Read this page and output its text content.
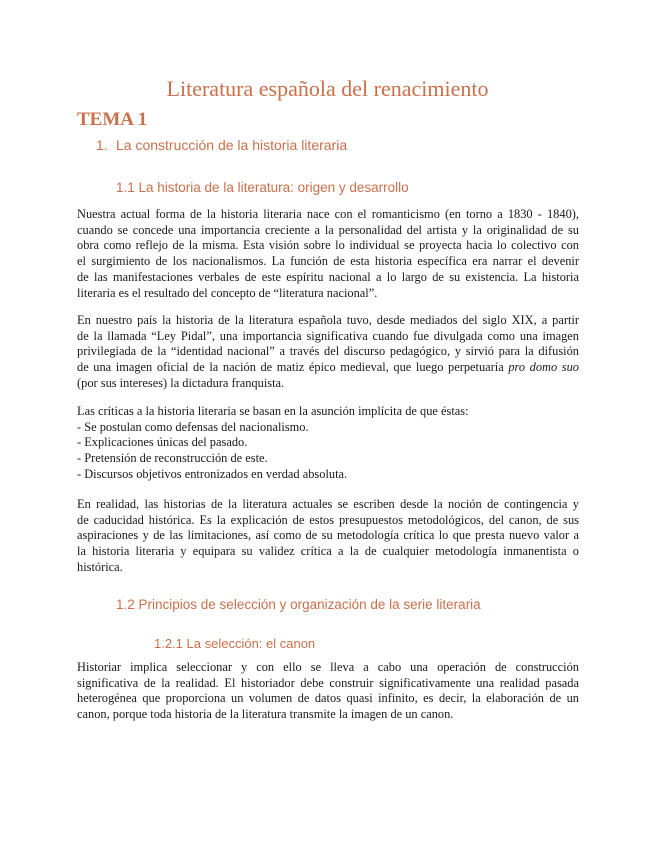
Literatura española del renacimiento
TEMA 1
1. La construcción de la historia literaria
1.1 La historia de la literatura: origen y desarrollo
Nuestra actual forma de la historia literaria nace con el romanticismo (en torno a 1830 - 1840),
cuando se concede una importancia creciente a la personalidad del artista y la originalidad de su
obra como reflejo de la misma. Esta visión sobre lo individual se proyecta hacia lo colectivo con
el surgimiento de los nacionalismos. La función de esta historia específica era narrar el devenir
de las manifestaciones verbales de este espíritu nacional a lo largo de su existencia. La historia
literaria es el resultado del concepto de “literatura nacional”.
En nuestro país la historia de la literatura española tuvo, desde mediados del siglo XIX, a partir
de la llamada “Ley Pidal”, una importancia significativa cuando fue divulgada como una imagen
privilegiada de la “identidad nacional” a través del discurso pedagógico, y sirvió para la difusión
de una imagen oficial de la nación de matiz épico medieval, que luego perpetuaría pro domo suo
(por sus intereses) la dictadura franquista.
Las críticas a la historia literaria se basan en la asunción implícita de que éstas:
- Se postulan como defensas del nacionalismo.
- Explicaciones únicas del pasado.
- Pretensión de reconstrucción de este.
- Discursos objetivos entronizados en verdad absoluta.
En realidad, las historias de la literatura actuales se escriben desde la noción de contingencia y
de caducidad histórica. Es la explicación de estos presupuestos metodológicos, del canon, de sus
aspiraciones y de las limitaciones, así como de su metodología crítica lo que presta nuevo valor a
la historia literaria y equipara su validez crítica a la de cualquier metodología inmanentista o
histórica.
1.2 Principios de selección y organización de la serie literaria
1.2.1 La selección: el canon
Historiar implica seleccionar y con ello se lleva a cabo una operación de construcción
significativa de la realidad. El historiador debe construir significativamente una realidad pasada
heterogénea que proporciona un volumen de datos quasi infinito, es decir, la elaboración de un
canon, porque toda historia de la literatura transmite la imagen de un canon.
